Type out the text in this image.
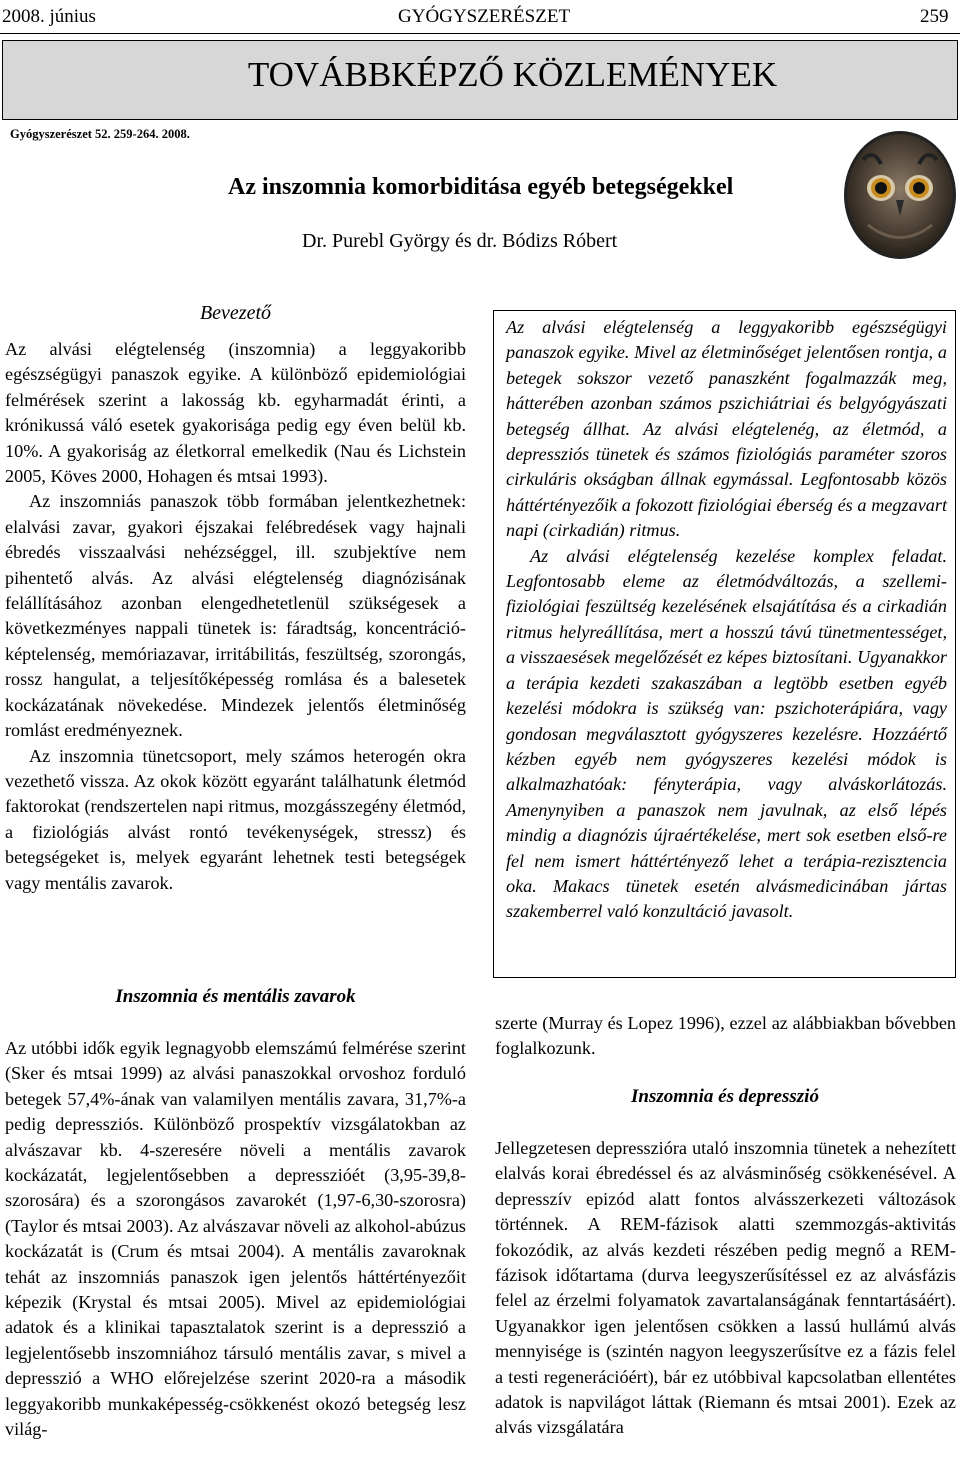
2008. június	GYÓGYSZERÉSZET	259
TOVÁBBKÉPZŐ KÖZLEMÉNYEK
Gyógyszerészet 52. 259-264. 2008.
Az inszomnia komorbiditása egyéb betegségekkel
Dr. Purebl György és dr. Bódizs Róbert
Bevezető

Az alvási elégtelenség (inszomnia) a leggyakoribb egészségügyi panaszok egyike. A különböző epidemiológiai felmérések szerint a lakosság kb. egyharmadát érinti, a krónikussá váló esetek gyakorisága pedig egy éven belül kb. 10%. A gyakoriság az életkorral emelkedik (Nau és Lichstein 2005, Köves 2000, Hohagen és mtsai 1993).

Az inszomniás panaszok több formában jelentkezhetnek: elalvási zavar, gyakori éjszakai felébredések vagy hajnali ébredés visszaalvási nehézséggel, ill. szubjektíve nem pihentető alvás. Az alvási elégtelenség diagnózisának felállításához azonban elengedhetetlenül szükségesek a következményes nappali tünetek is: fáradtság, koncentráció-képtelenség, memóriazavar, irritábilitás, feszültség, szorongás, rossz hangulat, a teljesítőképesség romlása és a balesetek kockázatának növekedése. Mindezek jelentős életminőség romlást eredményeznek.

Az inszomnia tünetcsoport, mely számos heterogén okra vezethető vissza. Az okok között egyaránt találhatunk életmód faktorokat (rendszertelen napi ritmus, mozgásszegény életmód, a fiziológiás alvást rontó tevékenységek, stressz) és betegségeket is, melyek egyaránt lehetnek testi betegségek vagy mentális zavarok.

Inszomnia és mentális zavarok

Az utóbbi idők egyik legnagyobb elemszámú felmérése szerint (Sker és mtsai 1999) az alvási panaszokkal orvoshoz forduló betegek 57,4%-ának van valamilyen mentális zavara, 31,7%-a pedig depressziós. Különböző prospektív vizsgálatokban az alvászavar kb. 4-szeresére növeli a mentális zavarok kockázatát, legjelentősebben a depresszióét (3,95-39,8-szorosára) és a szorongásos zavarokét (1,97-6,30-szorosra) (Taylor és mtsai 2003). Az alvászavar növeli az alkohol-abúzus kockázatát is (Crum és mtsai 2004). A mentális zavaroknak tehát az inszomniás panaszok igen jelentős háttértényezőit képezik (Krystal és mtsai 2005). Mivel az epidemiológiai adatok és a klinikai tapasztalatok szerint is a depresszió a legjelentősebb inszomniához társuló mentális zavar, s mivel a depresszió a WHO előrejelzése szerint 2020-ra a második leggyakoribb munkaképesség-csökkenést okozó betegség lesz világ-

Az alvási elégtelenség a leggyakoribb egészségügyi panaszok egyike. Mivel az életminőséget jelentősen rontja, a betegek sokszor vezető panaszként fogalmazzák meg, hátterében azonban számos pszichiátriai és belgyógyászati betegség állhat. Az alvási elégtelenég, az életmód, a depressziós tünetek és számos fiziológiás paraméter szoros cirkuláris okságban állnak egymással. Legfontosabb közös háttértényezőik a fokozott fiziológiai éberség és a megzavart napi (cirkadián) ritmus.

Az alvási elégtelenség kezelése komplex feladat. Legfontosabb eleme az életmódváltozás, a szellemi-fiziológiai feszültség kezelésének elsajátítása és a cirkadián ritmus helyreállítása, mert a hosszú távú tünetmentességet, a visszaesések megelőzését ez képes biztosítani. Ugyanakkor a terápia kezdeti szakaszában a legtöbb esetben egyéb kezelési módokra is szükség van: pszichoterápiára, vagy gondosan megválasztott gyógyszeres kezelésre. Hozzáértő kézben egyéb nem gyógyszeres kezelési módok is alkalmazhatóak: fényterápia, vagy alváskorlátozás. Amenynyiben a panaszok nem javulnak, az első lépés mindig a diagnózis újraértékelése, mert sok esetben első-re fel nem ismert háttértényező lehet a terápia-rezisztencia oka. Makacs tünetek esetén alvásmedicinában jártas szakemberrel való konzultáció javasolt.

szerte (Murray és Lopez 1996), ezzel az alábbiakban bővebben foglalkozunk.

Inszomnia és depresszió

Jellegzetesen depresszióra utaló inszomnia tünetek a nehezített elalvás korai ébredéssel és az alvásminőség csökkenésével. A depresszív epizód alatt fontos alvásszerkezeti változások történnek. A REM-fázisok alatti szemmozgás-aktivitás fokozódik, az alvás kezdeti részében pedig megnő a REM-fázisok időtartama (durva leegyszerűsítéssel ez az alvásfázis felel az érzelmi folyamatok zavartalanságának fenntartásáért). Ugyanakkor igen jelentősen csökken a lassú hullámú alvás mennyisége is (szintén nagyon leegyszerűsítve ez a fázis felel a testi regenerációért), bár ez utóbbival kapcsolatban ellentétes adatok is napvilágot láttak (Riemann és mtsai 2001). Ezek az alvás vizsgálatára
